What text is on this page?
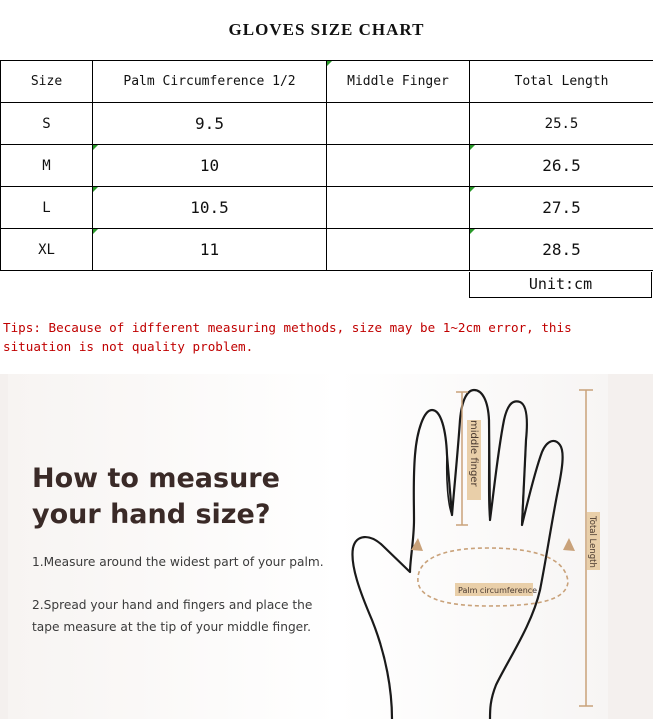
GLOVES SIZE CHART
Size	Palm Circumference 1/2	Middle Finger	Total Length
S	9.5		25.5
M	10		26.5
L	10.5		27.5
XL	11		28.5
Unit:cm
Tips: Because of idfferent measuring methods, size may be 1~2cm error, this situation is not quality problem.
How to measure
your hand size?
1.Measure around the widest part of your palm.
2.Spread your hand and fingers and place the
tape measure at the tip of your middle finger.
middle finger
Total Length
Palm circumference
